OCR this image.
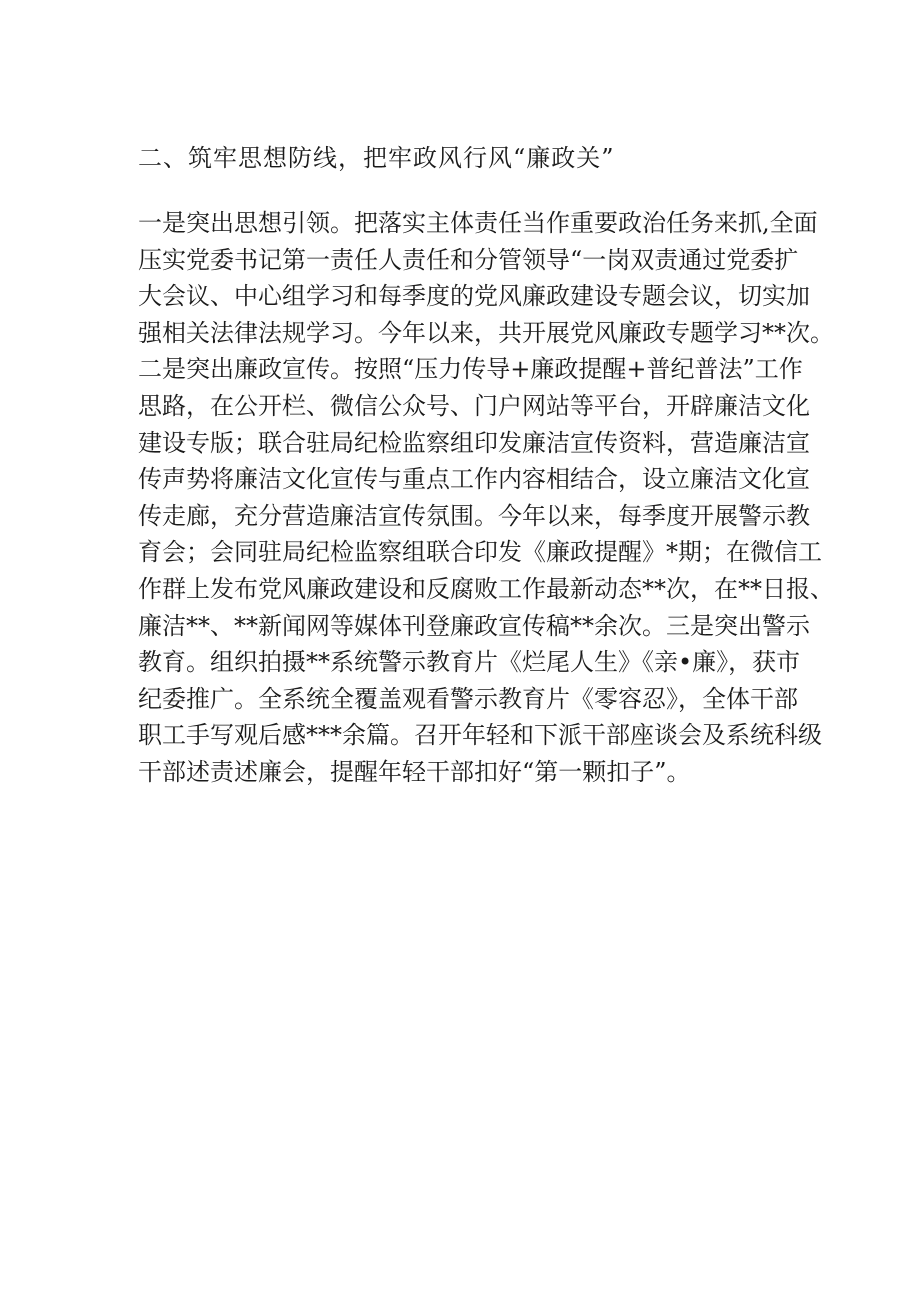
二、筑牢思想防线，把牢政风行风“廉政关”
一是突出思想引领。把落实主体责任当作重要政治任务来抓,全面
压实党委书记第一责任人责任和分管领导“一岗双责通过党委扩
大会议、中心组学习和每季度的党风廉政建设专题会议，切实加
强相关法律法规学习。今年以来，共开展党风廉政专题学习**次。
二是突出廉政宣传。按照“压力传导+廉政提醒+普纪普法”工作
思路，在公开栏、微信公众号、门户网站等平台，开辟廉洁文化
建设专版；联合驻局纪检监察组印发廉洁宣传资料，营造廉洁宣
传声势将廉洁文化宣传与重点工作内容相结合，设立廉洁文化宣
传走廊，充分营造廉洁宣传氛围。今年以来，每季度开展警示教
育会；会同驻局纪检监察组联合印发《廉政提醒》*期；在微信工
作群上发布党风廉政建设和反腐败工作最新动态**次，在**日报、
廉洁**、**新闻网等媒体刊登廉政宣传稿**余次。三是突出警示
教育。组织拍摄**系统警示教育片《烂尾人生》《亲•廉》，获市
纪委推广。全系统全覆盖观看警示教育片《零容忍》，全体干部
职工手写观后感***余篇。召开年轻和下派干部座谈会及系统科级
干部述责述廉会，提醒年轻干部扣好“第一颗扣子”。
